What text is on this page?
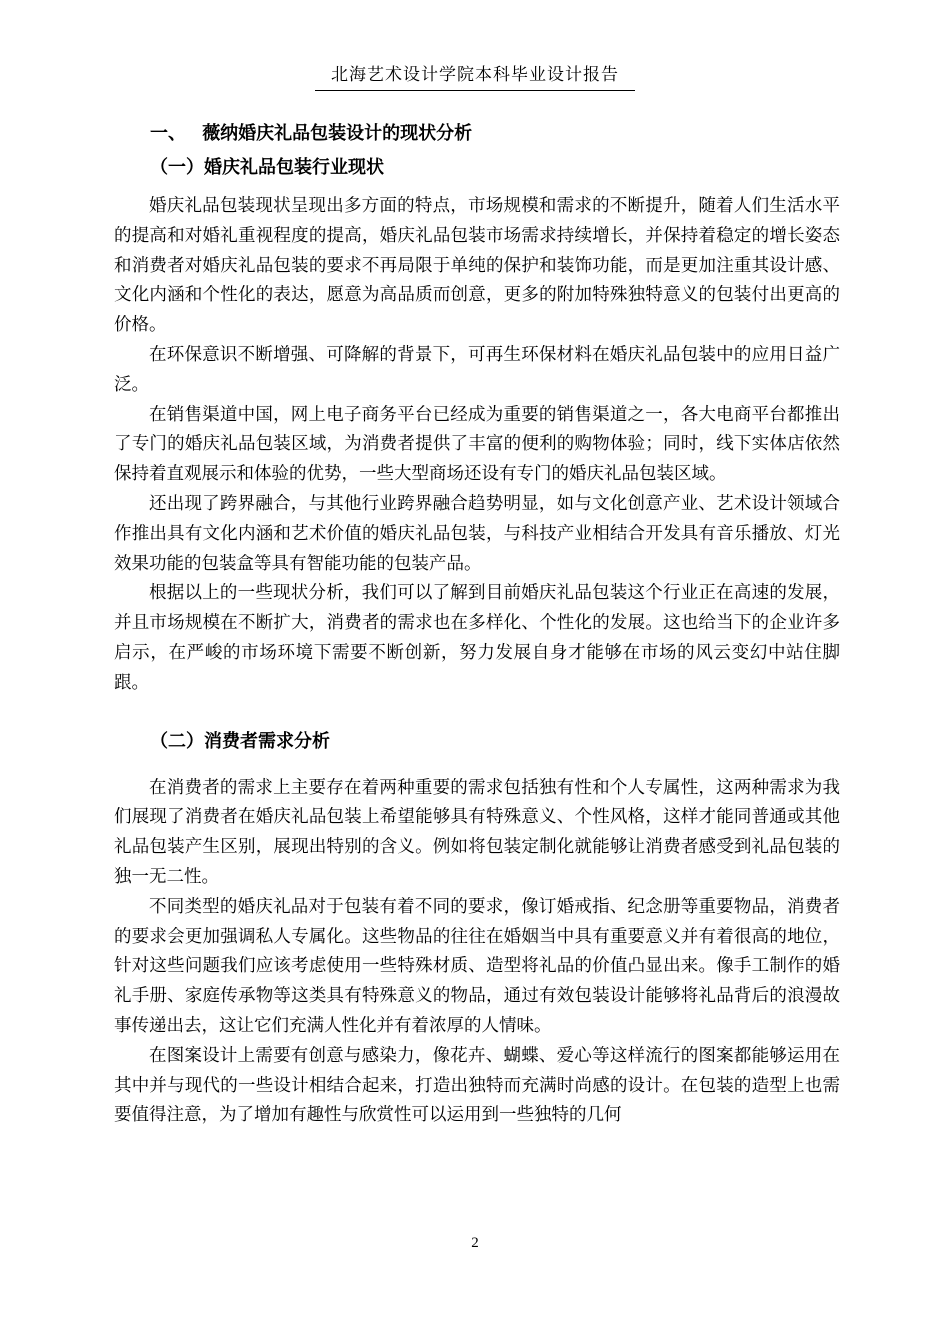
北海艺术设计学院本科毕业设计报告
一、 薇纳婚庆礼品包装设计的现状分析
（一）婚庆礼品包装行业现状

婚庆礼品包装现状呈现出多方面的特点，市场规模和需求的不断提升，随着人们生活水平的提高和对婚礼重视程度的提高，婚庆礼品包装市场需求持续增长，并保持着稳定的增长姿态和消费者对婚庆礼品包装的要求不再局限于单纯的保护和装饰功能，而是更加注重其设计感、文化内涵和个性化的表达，愿意为高品质而创意，更多的附加特殊独特意义的包装付出更高的价格。

在环保意识不断增强、可降解的背景下，可再生环保材料在婚庆礼品包装中的应用日益广泛。

在销售渠道中国，网上电子商务平台已经成为重要的销售渠道之一，各大电商平台都推出了专门的婚庆礼品包装区域，为消费者提供了丰富的便利的购物体验；同时，线下实体店依然保持着直观展示和体验的优势，一些大型商场还设有专门的婚庆礼品包装区域。

还出现了跨界融合，与其他行业跨界融合趋势明显，如与文化创意产业、艺术设计领域合作推出具有文化内涵和艺术价值的婚庆礼品包装，与科技产业相结合开发具有音乐播放、灯光效果功能的包装盒等具有智能功能的包装产品。

根据以上的一些现状分析，我们可以了解到目前婚庆礼品包装这个行业正在高速的发展，并且市场规模在不断扩大，消费者的需求也在多样化、个性化的发展。这也给当下的企业许多启示，在严峻的市场环境下需要不断创新，努力发展自身才能够在市场的风云变幻中站住脚跟。

（二）消费者需求分析

在消费者的需求上主要存在着两种重要的需求包括独有性和个人专属性，这两种需求为我们展现了消费者在婚庆礼品包装上希望能够具有特殊意义、个性风格，这样才能同普通或其他礼品包装产生区别，展现出特别的含义。例如将包装定制化就能够让消费者感受到礼品包装的独一无二性。

不同类型的婚庆礼品对于包装有着不同的要求，像订婚戒指、纪念册等重要物品，消费者的要求会更加强调私人专属化。这些物品的往往在婚姻当中具有重要意义并有着很高的地位，针对这些问题我们应该考虑使用一些特殊材质、造型将礼品的价值凸显出来。像手工制作的婚礼手册、家庭传承物等这类具有特殊意义的物品，通过有效包装设计能够将礼品背后的浪漫故事传递出去，这让它们充满人性化并有着浓厚的人情味。

在图案设计上需要有创意与感染力，像花卉、蝴蝶、爱心等这样流行的图案都能够运用在其中并与现代的一些设计相结合起来，打造出独特而充满时尚感的设计。在包装的造型上也需要值得注意，为了增加有趣性与欣赏性可以运用到一些独特的几何

2
